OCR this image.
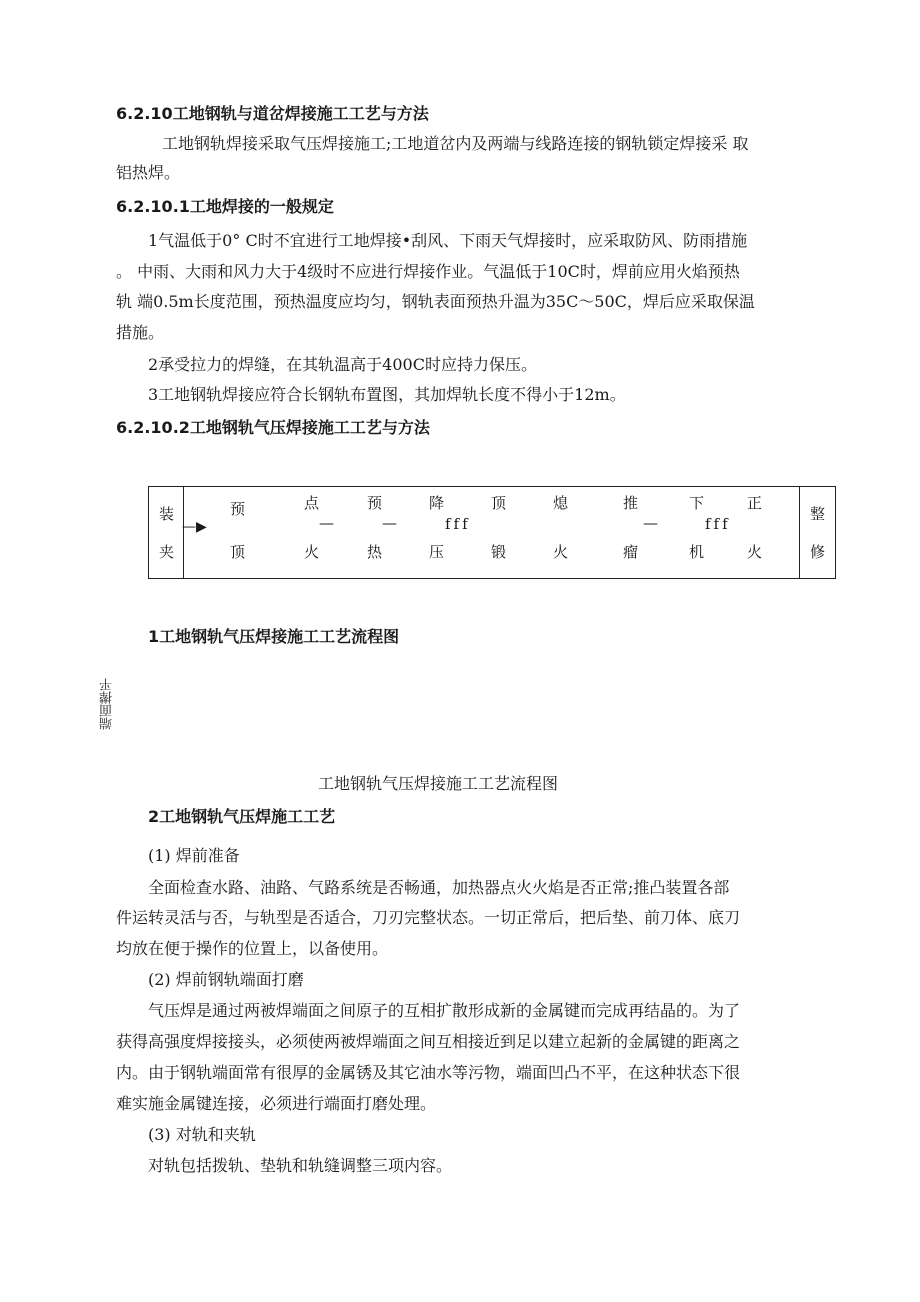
6.2.10工地钢轨与道岔焊接施工工艺与方法
工地钢轨焊接采取气压焊接施工;工地道岔内及两端与线路连接的钢轨锁定焊接采 取
铝热焊。
6.2.10.1工地焊接的一般规定
1气温低于0° C时不宜进行工地焊接•刮风、下雨天气焊接时，应采取防风、防雨措施
。 中雨、大雨和风力大于4级时不应进行焊接作业。气温低于10C时，焊前应用火焰预热
轨 端0.5m长度范围，预热温度应均匀，钢轨表面预热升温为35C～50C，焊后应采取保温
措施。
2承受拉力的焊缝，在其轨温高于400C时应持力保压。
3工地钢轨焊接应符合长钢轨布置图，其加焊轨长度不得小于12m。
6.2.10.2工地钢轨气压焊接施工工艺与方法
装
夹
—▶
预	点	预	降	顶	熄	推	下	正
—	—	fff	—	fff
顶	火	热	压	锻	火	瘤	机	火
整
修
1工地钢轨气压焊接施工工艺流程图
端面撵平
工地钢轨气压焊接施工工艺流程图
2工地钢轨气压焊施工工艺
(1) 焊前准备
全面检查水路、油路、气路系统是否畅通，加热器点火火焰是否正常;推凸装置各部
件运转灵活与否，与轨型是否适合，刀刃完整状态。一切正常后，把后垫、前刀体、底刀
均放在便于操作的位置上，以备使用。
(2) 焊前钢轨端面打磨
气压焊是通过两被焊端面之间原子的互相扩散形成新的金属键而完成再结晶的。为了
获得高强度焊接接头，必须使两被焊端面之间互相接近到足以建立起新的金属键的距离之
内。由于钢轨端面常有很厚的金属锈及其它油水等污物，端面凹凸不平，在这种状态下很
难实施金属键连接，必须进行端面打磨处理。
(3) 对轨和夹轨
对轨包括拨轨、垫轨和轨缝调整三项内容。
